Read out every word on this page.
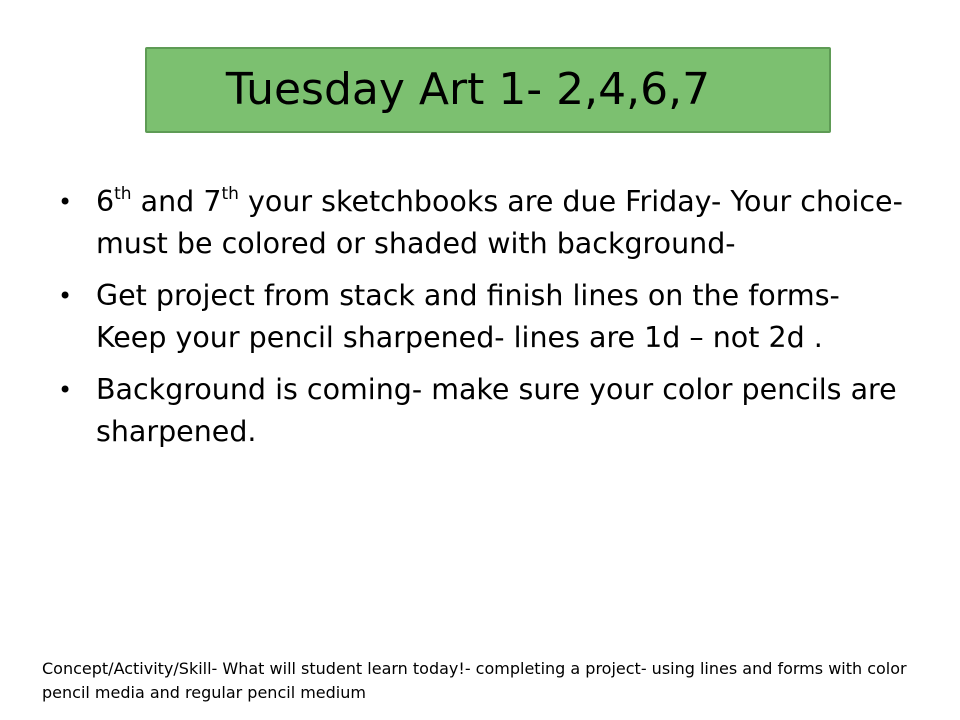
Tuesday Art 1- 2,4,6,7
• 6th and 7th your sketchbooks are due Friday- Your choice- must be colored or shaded with background-
• Get project from stack and finish lines on the forms- Keep your pencil sharpened- lines are 1d – not 2d .
• Background is coming- make sure your color pencils are sharpened.
Concept/Activity/Skill- What will student learn today!- completing a project- using lines and forms with color pencil media and regular pencil medium
